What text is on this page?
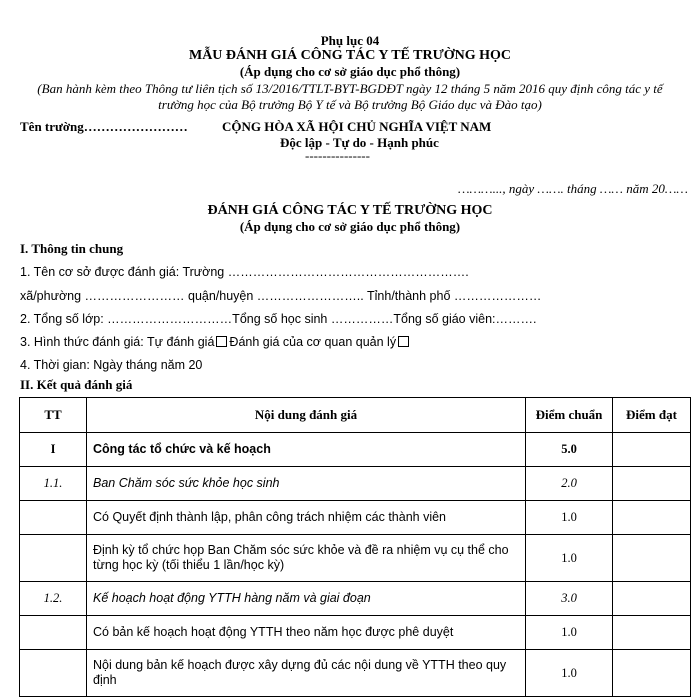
Phụ lục 04
MẪU ĐÁNH GIÁ CÔNG TÁC Y TẾ TRƯỜNG HỌC
(Áp dụng cho cơ sở giáo dục phổ thông)
(Ban hành kèm theo Thông tư liên tịch số 13/2016/TTLT-BYT-BGDĐT ngày 12 tháng 5 năm 2016 quy định công tác y tế
trường học của Bộ trưởng Bộ Y tế và Bộ trưởng Bộ Giáo dục và Đào tạo)
Tên trường……………………	CỘNG HÒA XÃ HỘI CHỦ NGHĨA VIỆT NAM
Độc lập - Tự do - Hạnh phúc
---------------
………..., ngày ……. tháng …… năm 20……
ĐÁNH GIÁ CÔNG TÁC Y TẾ TRƯỜNG HỌC
(Áp dụng cho cơ sở giáo dục phổ thông)
I. Thông tin chung
1. Tên cơ sở được đánh giá: Trường ………………………………………………….
xã/phường …………………… quận/huyện …………………….. Tỉnh/thành phố …………………
2. Tổng số lớp: …………………………Tổng số học sinh ……………Tổng số giáo viên:……….
3. Hình thức đánh giá: Tự đánh giá Đánh giá của cơ quan quản lý
4. Thời gian: Ngày tháng năm 20
II. Kết quả đánh giá
TT	Nội dung đánh giá	Điểm chuẩn	Điểm đạt
I	Công tác tổ chức và kế hoạch	5.0	
1.1.	Ban Chăm sóc sức khỏe học sinh	2.0	
	Có Quyết định thành lập, phân công trách nhiệm các thành viên	1.0	
	Định kỳ tổ chức họp Ban Chăm sóc sức khỏe và đề ra nhiệm vụ cụ thể cho từng học kỳ (tối thiểu 1 lần/học kỳ)	1.0	
1.2.	Kế hoạch hoạt động YTTH hàng năm và giai đoạn	3.0	
	Có bản kế hoạch hoạt động YTTH theo năm học được phê duyệt	1.0	
	Nội dung bản kế hoạch được xây dựng đủ các nội dung về YTTH theo quy định	1.0	
